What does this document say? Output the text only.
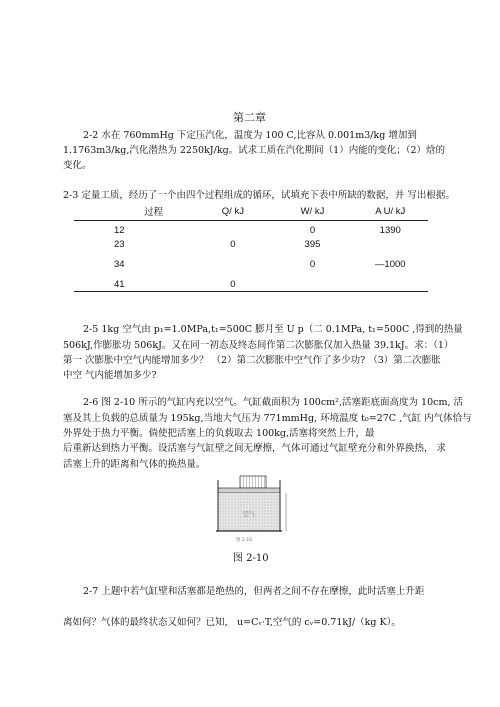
第二章
2-2 水在 760mmHg 下定压汽化，温度为 100 C,比容从 0.001m3/kg 增加到
1.1763m3/kg,汽化潜热为 2250kJ/kg。试求工质在汽化期间（1）内能的变化；（2）焓的
变化。
2-3 定量工质，经历了一个由四个过程组成的循环，试填充下表中所缺的数据，并 写出根据。
过程	Q/ kJ	W/ kJ	A U/ kJ
12		0	1390
23	0	395	
34		0	—1000
41	0		
2-5 1kg 空气由 p₁=1.0MPa,t₁=500C 膨月至 U p（二 0.1MPa, t₁=500C ,得到的热量
506kJ,作膨胀功 506kJ。又在同一初态及终态间作第二次膨胀仅加入热量 39.1kJ。求：（1）
第一 次膨胀中空气内能增加多少？ （2）第二次膨胀中空气作了多少功? （3）第二次膨胀
中空 气内能增加多少?
2-6 图 2-10 所示的气缸内充以空气。气缸截面积为 100cm²,活塞距底面高度为 10cm, 活
塞及其上负载的总质量为 195kg,当地大气压为 771mmHg, 环境温度 t₀=27C ,气缸 内气体恰与
外界处于热力平衡。倘使把活塞上的负载取去 100kg,活塞将突然上升，最
后重新达到热力平衡。设活塞与气缸壁之间无摩擦，气体可通过气缸壁充分和外界换热， 求
活塞上升的距离和气体的换热量。
空气
图 2-10
图 2-10
2-7 上题中若气缸壁和活塞都是绝热的，但两者之间不存在摩擦，此时活塞上升距
离如何？气体的最终状态又如何？已知， u=Cᵥ·T,空气的 cᵥ=0.71kJ/（kg K）。
